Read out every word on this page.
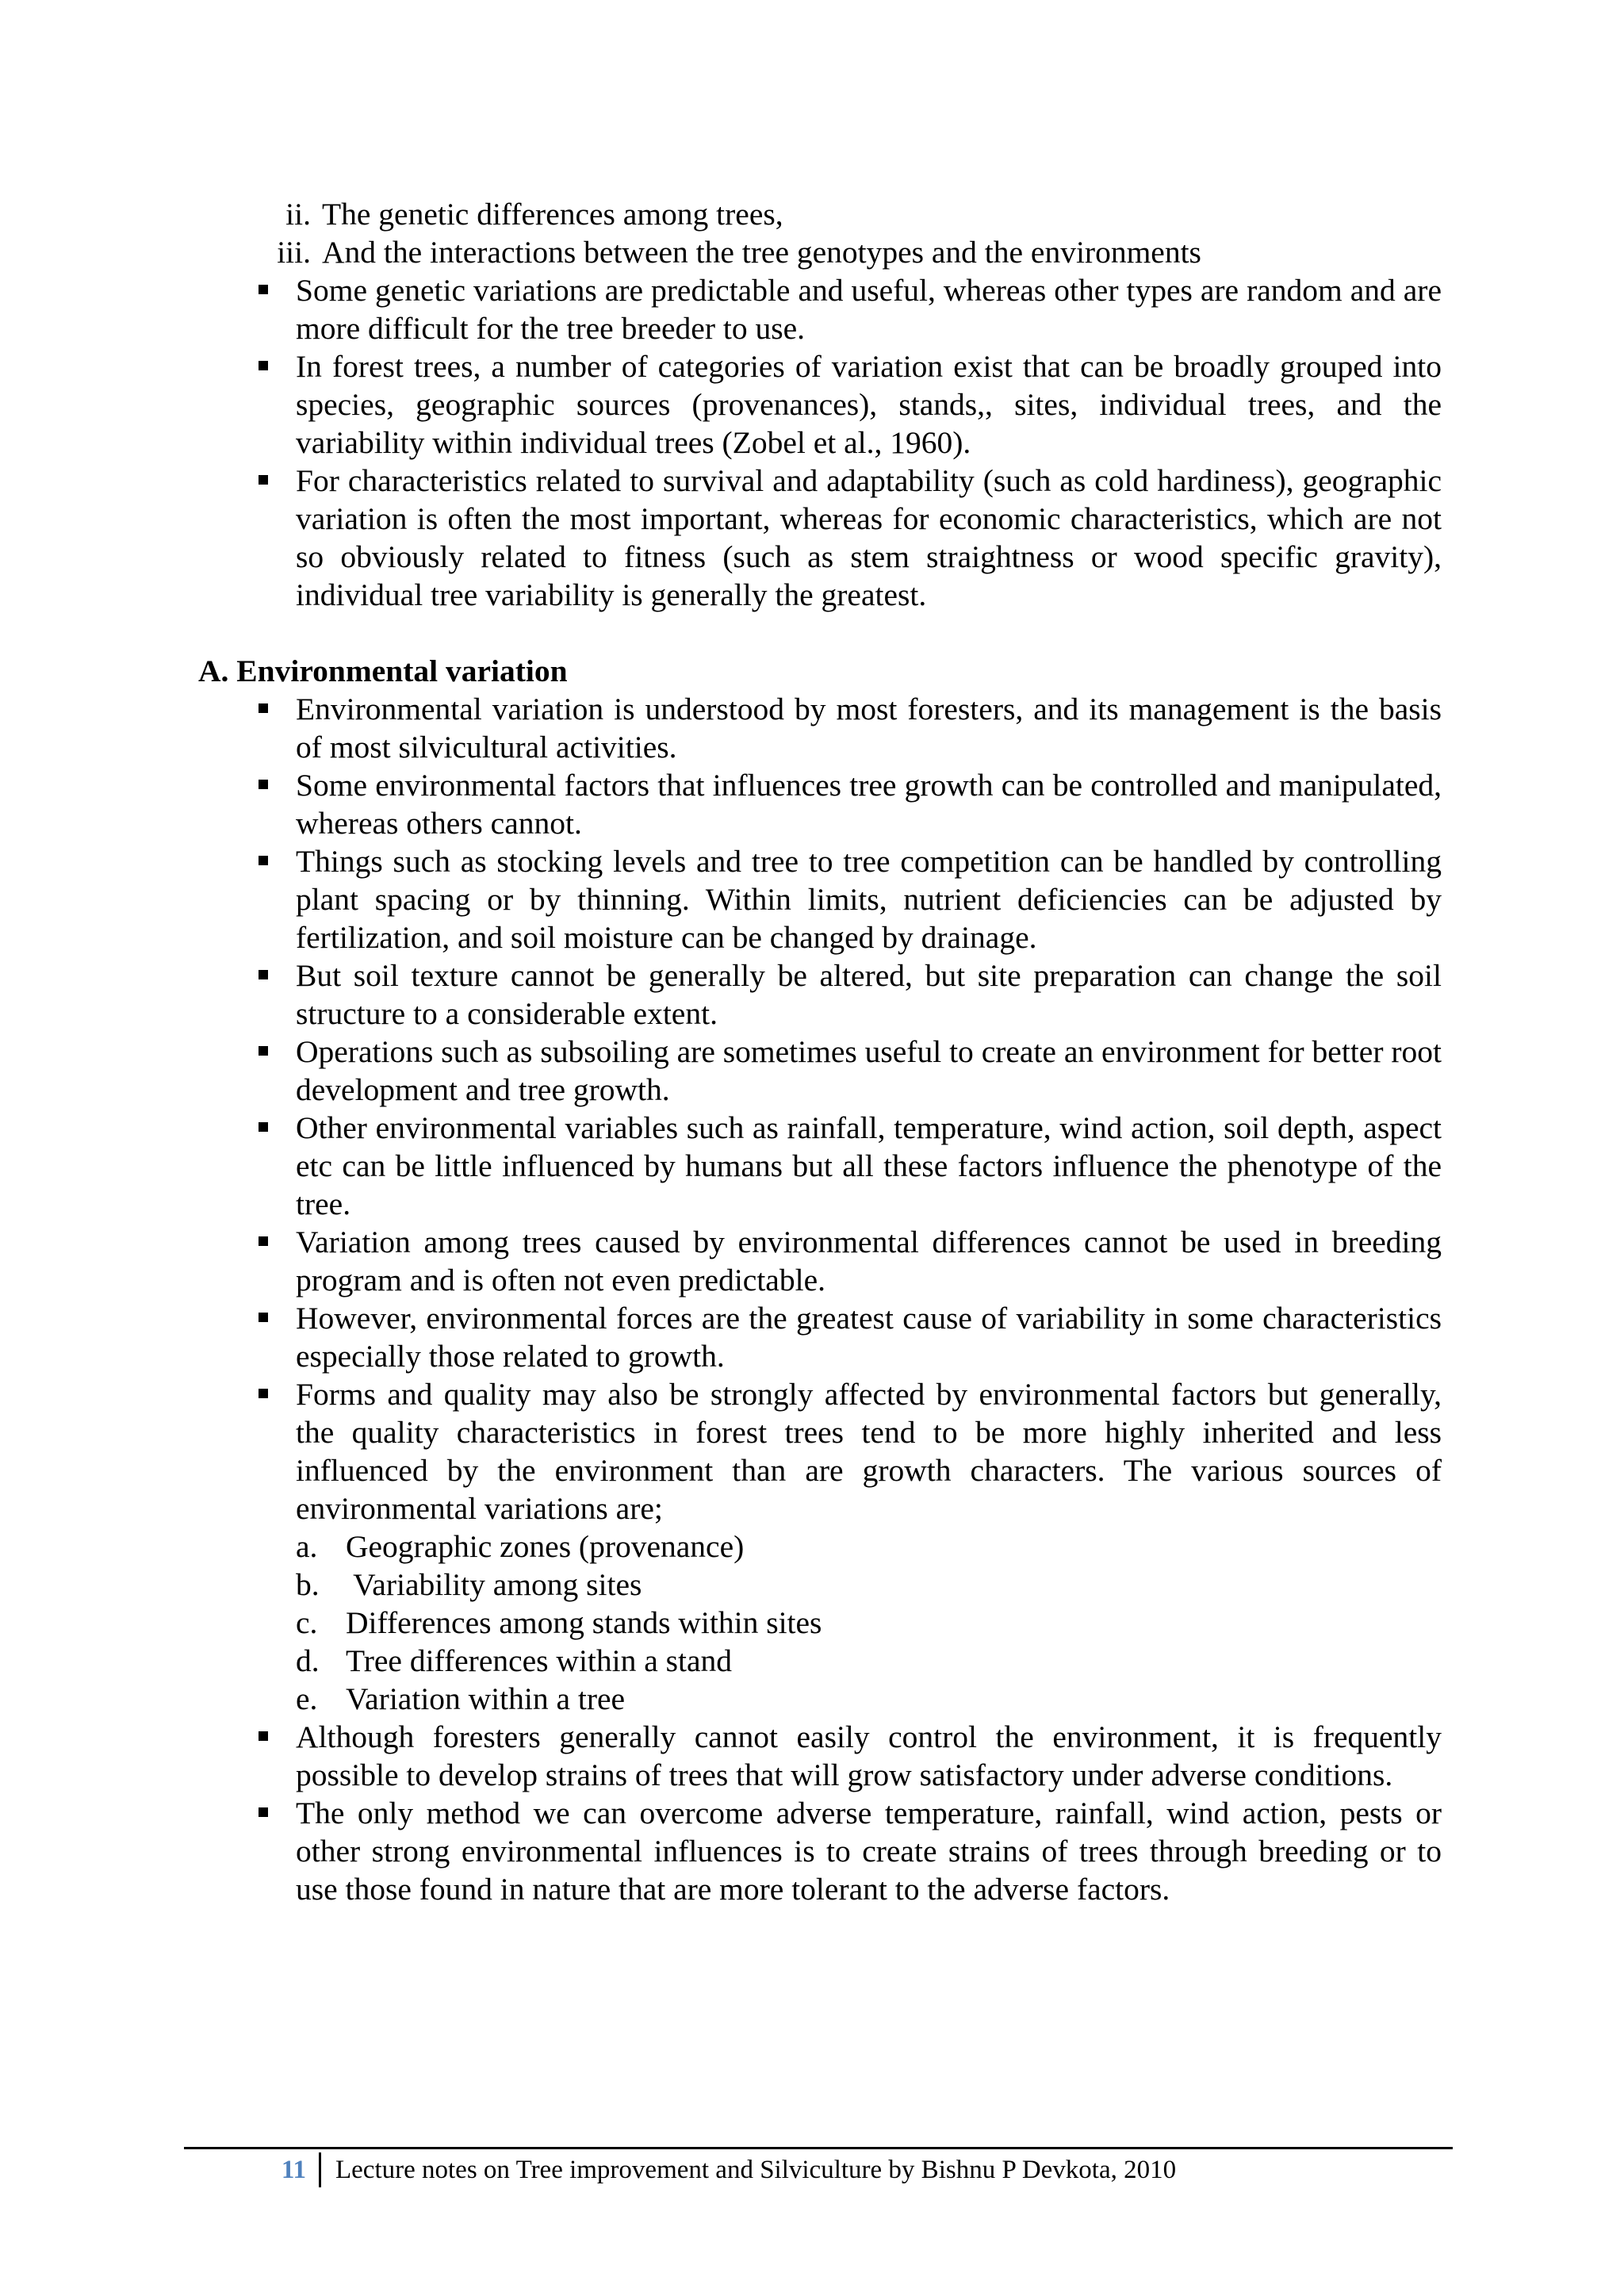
ii. The genetic differences among trees,
iii. And the interactions between the tree genotypes and the environments
Some genetic variations are predictable and useful, whereas other types are random and are more difficult for the tree breeder to use.
In forest trees, a number of categories of variation exist that can be broadly grouped into species, geographic sources (provenances), stands,, sites, individual trees, and the variability within individual trees (Zobel et al., 1960).
For characteristics related to survival and adaptability (such as cold hardiness), geographic variation is often the most important, whereas for economic characteristics, which are not so obviously related to fitness (such as stem straightness or wood specific gravity), individual tree variability is generally the greatest.
A. Environmental variation
Environmental variation is understood by most foresters, and its management is the basis of most silvicultural activities.
Some environmental factors that influences tree growth can be controlled and manipulated, whereas others cannot.
Things such as stocking levels and tree to tree competition can be handled by controlling plant spacing or by thinning. Within limits, nutrient deficiencies can be adjusted by fertilization, and soil moisture can be changed by drainage.
But soil texture cannot be generally be altered, but site preparation can change the soil structure to a considerable extent.
Operations such as subsoiling are sometimes useful to create an environment for better root development and tree growth.
Other environmental variables such as rainfall, temperature, wind action, soil depth, aspect etc can be little influenced by humans but all these factors influence the phenotype of the tree.
Variation among trees caused by environmental differences cannot be used in breeding program and is often not even predictable.
However, environmental forces are the greatest cause of variability in some characteristics especially those related to growth.
Forms and quality may also be strongly affected by environmental factors but generally, the quality characteristics in forest trees tend to be more highly inherited and less influenced by the environment than are growth characters. The various sources of environmental variations are;
a. Geographic zones (provenance)
b. Variability among sites
c. Differences among stands within sites
d. Tree differences within a stand
e. Variation within a tree
Although foresters generally cannot easily control the environment, it is frequently possible to develop strains of trees that will grow satisfactory under adverse conditions.
The only method we can overcome adverse temperature, rainfall, wind action, pests or other strong environmental influences is to create strains of trees through breeding or to use those found in nature that are more tolerant to the adverse factors.
11	Lecture notes on Tree improvement and Silviculture by Bishnu P Devkota, 2010
